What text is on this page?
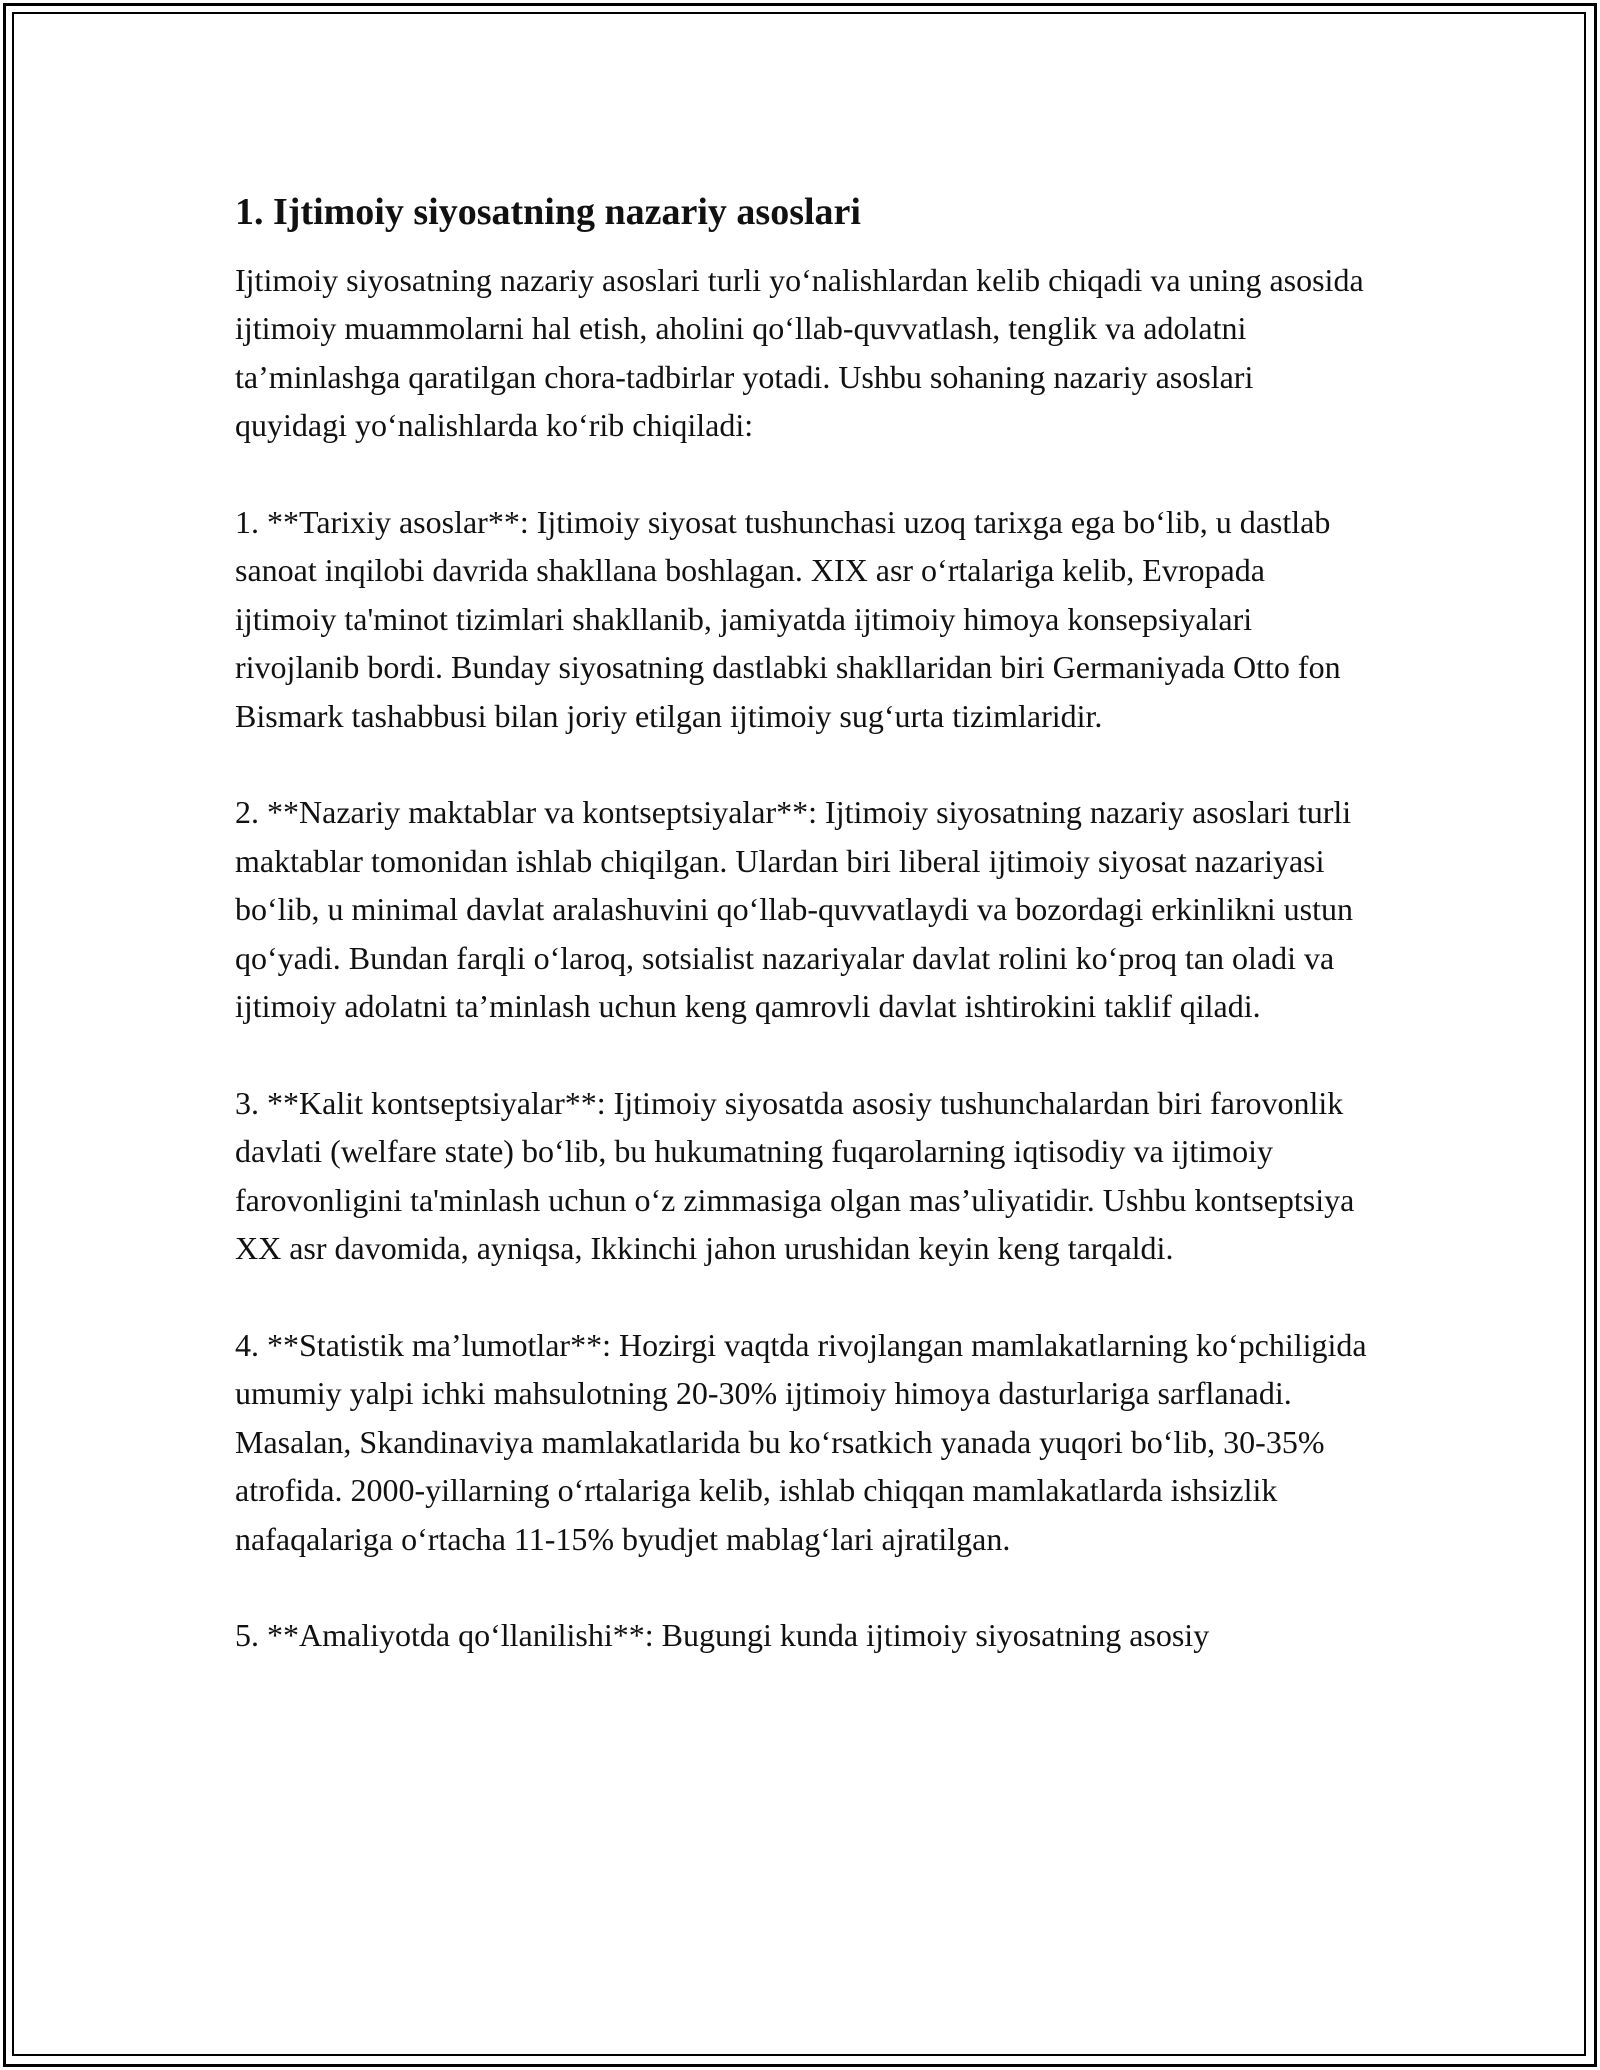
1. Ijtimoiy siyosatning nazariy asoslari

Ijtimoiy siyosatning nazariy asoslari turli yo‘nalishlardan kelib chiqadi va uning asosida ijtimoiy muammolarni hal etish, aholini qo‘llab-quvvatlash, tenglik va adolatni ta’minlashga qaratilgan chora-tadbirlar yotadi. Ushbu sohaning nazariy asoslari quyidagi yo‘nalishlarda ko‘rib chiqiladi:

1. **Tarixiy asoslar**: Ijtimoiy siyosat tushunchasi uzoq tarixga ega bo‘lib, u dastlab sanoat inqilobi davrida shakllana boshlagan. XIX asr o‘rtalariga kelib, Evropada ijtimoiy ta'minot tizimlari shakllanib, jamiyatda ijtimoiy himoya konsepsiyalari rivojlanib bordi. Bunday siyosatning dastlabki shakllaridan biri Germaniyada Otto fon Bismark tashabbusi bilan joriy etilgan ijtimoiy sug‘urta tizimlaridir.

2. **Nazariy maktablar va kontseptsiyalar**: Ijtimoiy siyosatning nazariy asoslari turli maktablar tomonidan ishlab chiqilgan. Ulardan biri liberal ijtimoiy siyosat nazariyasi bo‘lib, u minimal davlat aralashuvini qo‘llab-quvvatlaydi va bozordagi erkinlikni ustun qo‘yadi. Bundan farqli o‘laroq, sotsialist nazariyalar davlat rolini ko‘proq tan oladi va ijtimoiy adolatni ta’minlash uchun keng qamrovli davlat ishtirokini taklif qiladi.

3. **Kalit kontseptsiyalar**: Ijtimoiy siyosatda asosiy tushunchalardan biri farovonlik davlati (welfare state) bo‘lib, bu hukumatning fuqarolarning iqtisodiy va ijtimoiy farovonligini ta'minlash uchun o‘z zimmasiga olgan mas’uliyatidir. Ushbu kontseptsiya XX asr davomida, ayniqsa, Ikkinchi jahon urushidan keyin keng tarqaldi.

4. **Statistik ma’lumotlar**: Hozirgi vaqtda rivojlangan mamlakatlarning ko‘pchiligida umumiy yalpi ichki mahsulotning 20-30% ijtimoiy himoya dasturlariga sarflanadi. Masalan, Skandinaviya mamlakatlarida bu ko‘rsatkich yanada yuqori bo‘lib, 30-35% atrofida. 2000-yillarning o‘rtalariga kelib, ishlab chiqqan mamlakatlarda ishsizlik nafaqalariga o‘rtacha 11-15% byudjet mablag‘lari ajratilgan.

5. **Amaliyotda qo‘llanilishi**: Bugungi kunda ijtimoiy siyosatning asosiy
